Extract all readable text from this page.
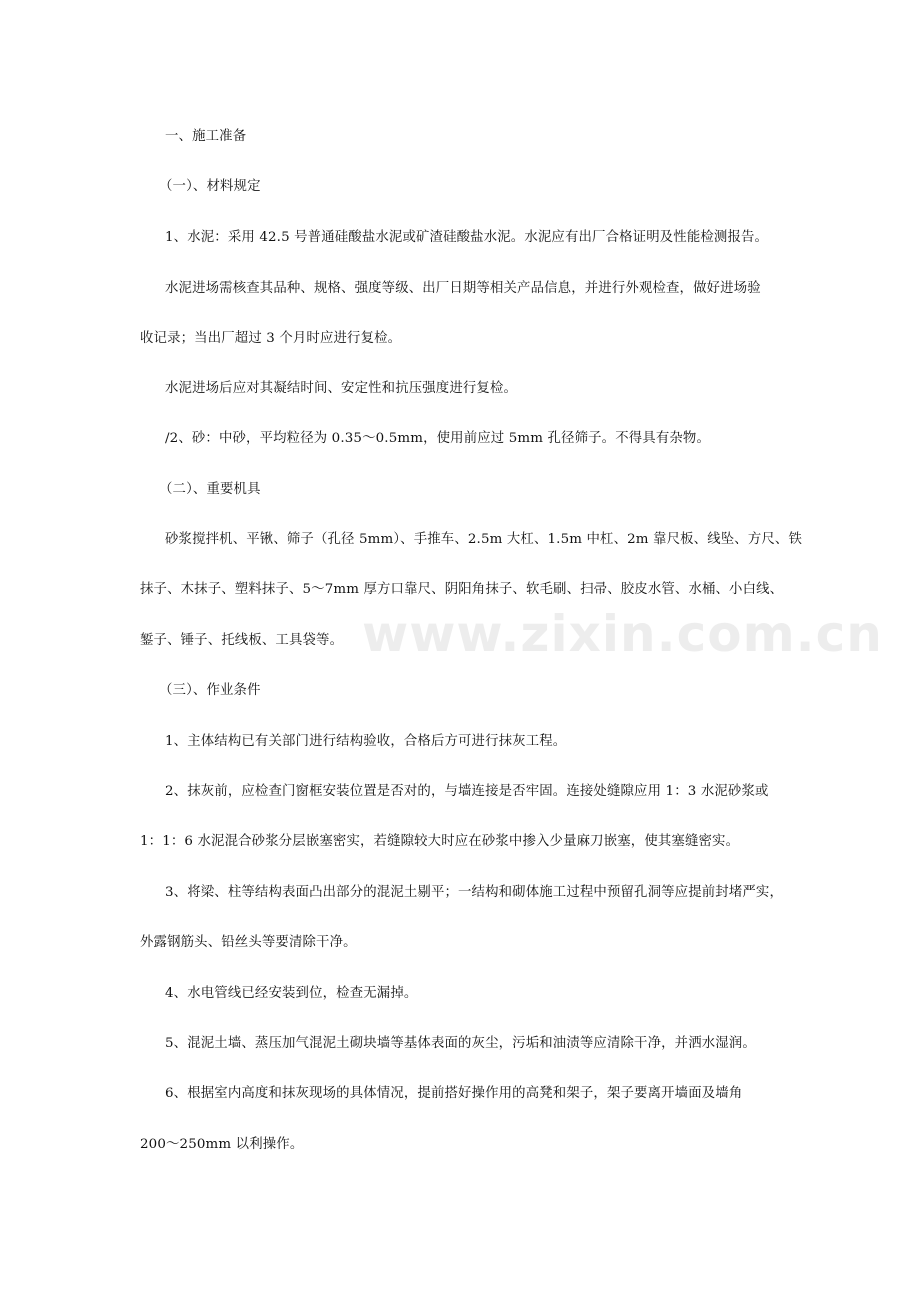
一、施工准备
（一）、材料规定
1、水泥：采用 42.5 号普通硅酸盐水泥或矿渣硅酸盐水泥。水泥应有出厂合格证明及性能检测报告。
水泥进场需核查其品种、规格、强度等级、出厂日期等相关产品信息，并进行外观检查，做好进场验
收记录；当出厂超过 3 个月时应进行复检。
水泥进场后应对其凝结时间、安定性和抗压强度进行复检。
/2、砂：中砂，平均粒径为 0.35～0.5mm，使用前应过 5mm 孔径筛子。不得具有杂物。
（二）、重要机具
砂浆搅拌机、平锹、筛子（孔径 5mm）、手推车、2.5m 大杠、1.5m 中杠、2m 靠尺板、线坠、方尺、铁
抹子、木抹子、塑料抹子、5～7mm 厚方口靠尺、阴阳角抹子、软毛刷、扫帚、胶皮水管、水桶、小白线、
錾子、锤子、托线板、工具袋等。
（三）、作业条件
1、主体结构已有关部门进行结构验收，合格后方可进行抹灰工程。
2、抹灰前，应检查门窗框安装位置是否对的，与墙连接是否牢固。连接处缝隙应用 1：3 水泥砂浆或
1：1：6 水泥混合砂浆分层嵌塞密实，若缝隙较大时应在砂浆中掺入少量麻刀嵌塞，使其塞缝密实。
3、将梁、柱等结构表面凸出部分的混泥土剔平；一结构和砌体施工过程中预留孔洞等应提前封堵严实，
外露钢筋头、铅丝头等要清除干净。
4、水电管线已经安装到位，检查无漏掉。
5、混泥土墙、蒸压加气混泥土砌块墙等基体表面的灰尘，污垢和油渍等应清除干净，并洒水湿润。
6、根据室内高度和抹灰现场的具体情况，提前搭好操作用的高凳和架子，架子要离开墙面及墙角
200～250mm 以利操作。
www.zixin.com.cn
